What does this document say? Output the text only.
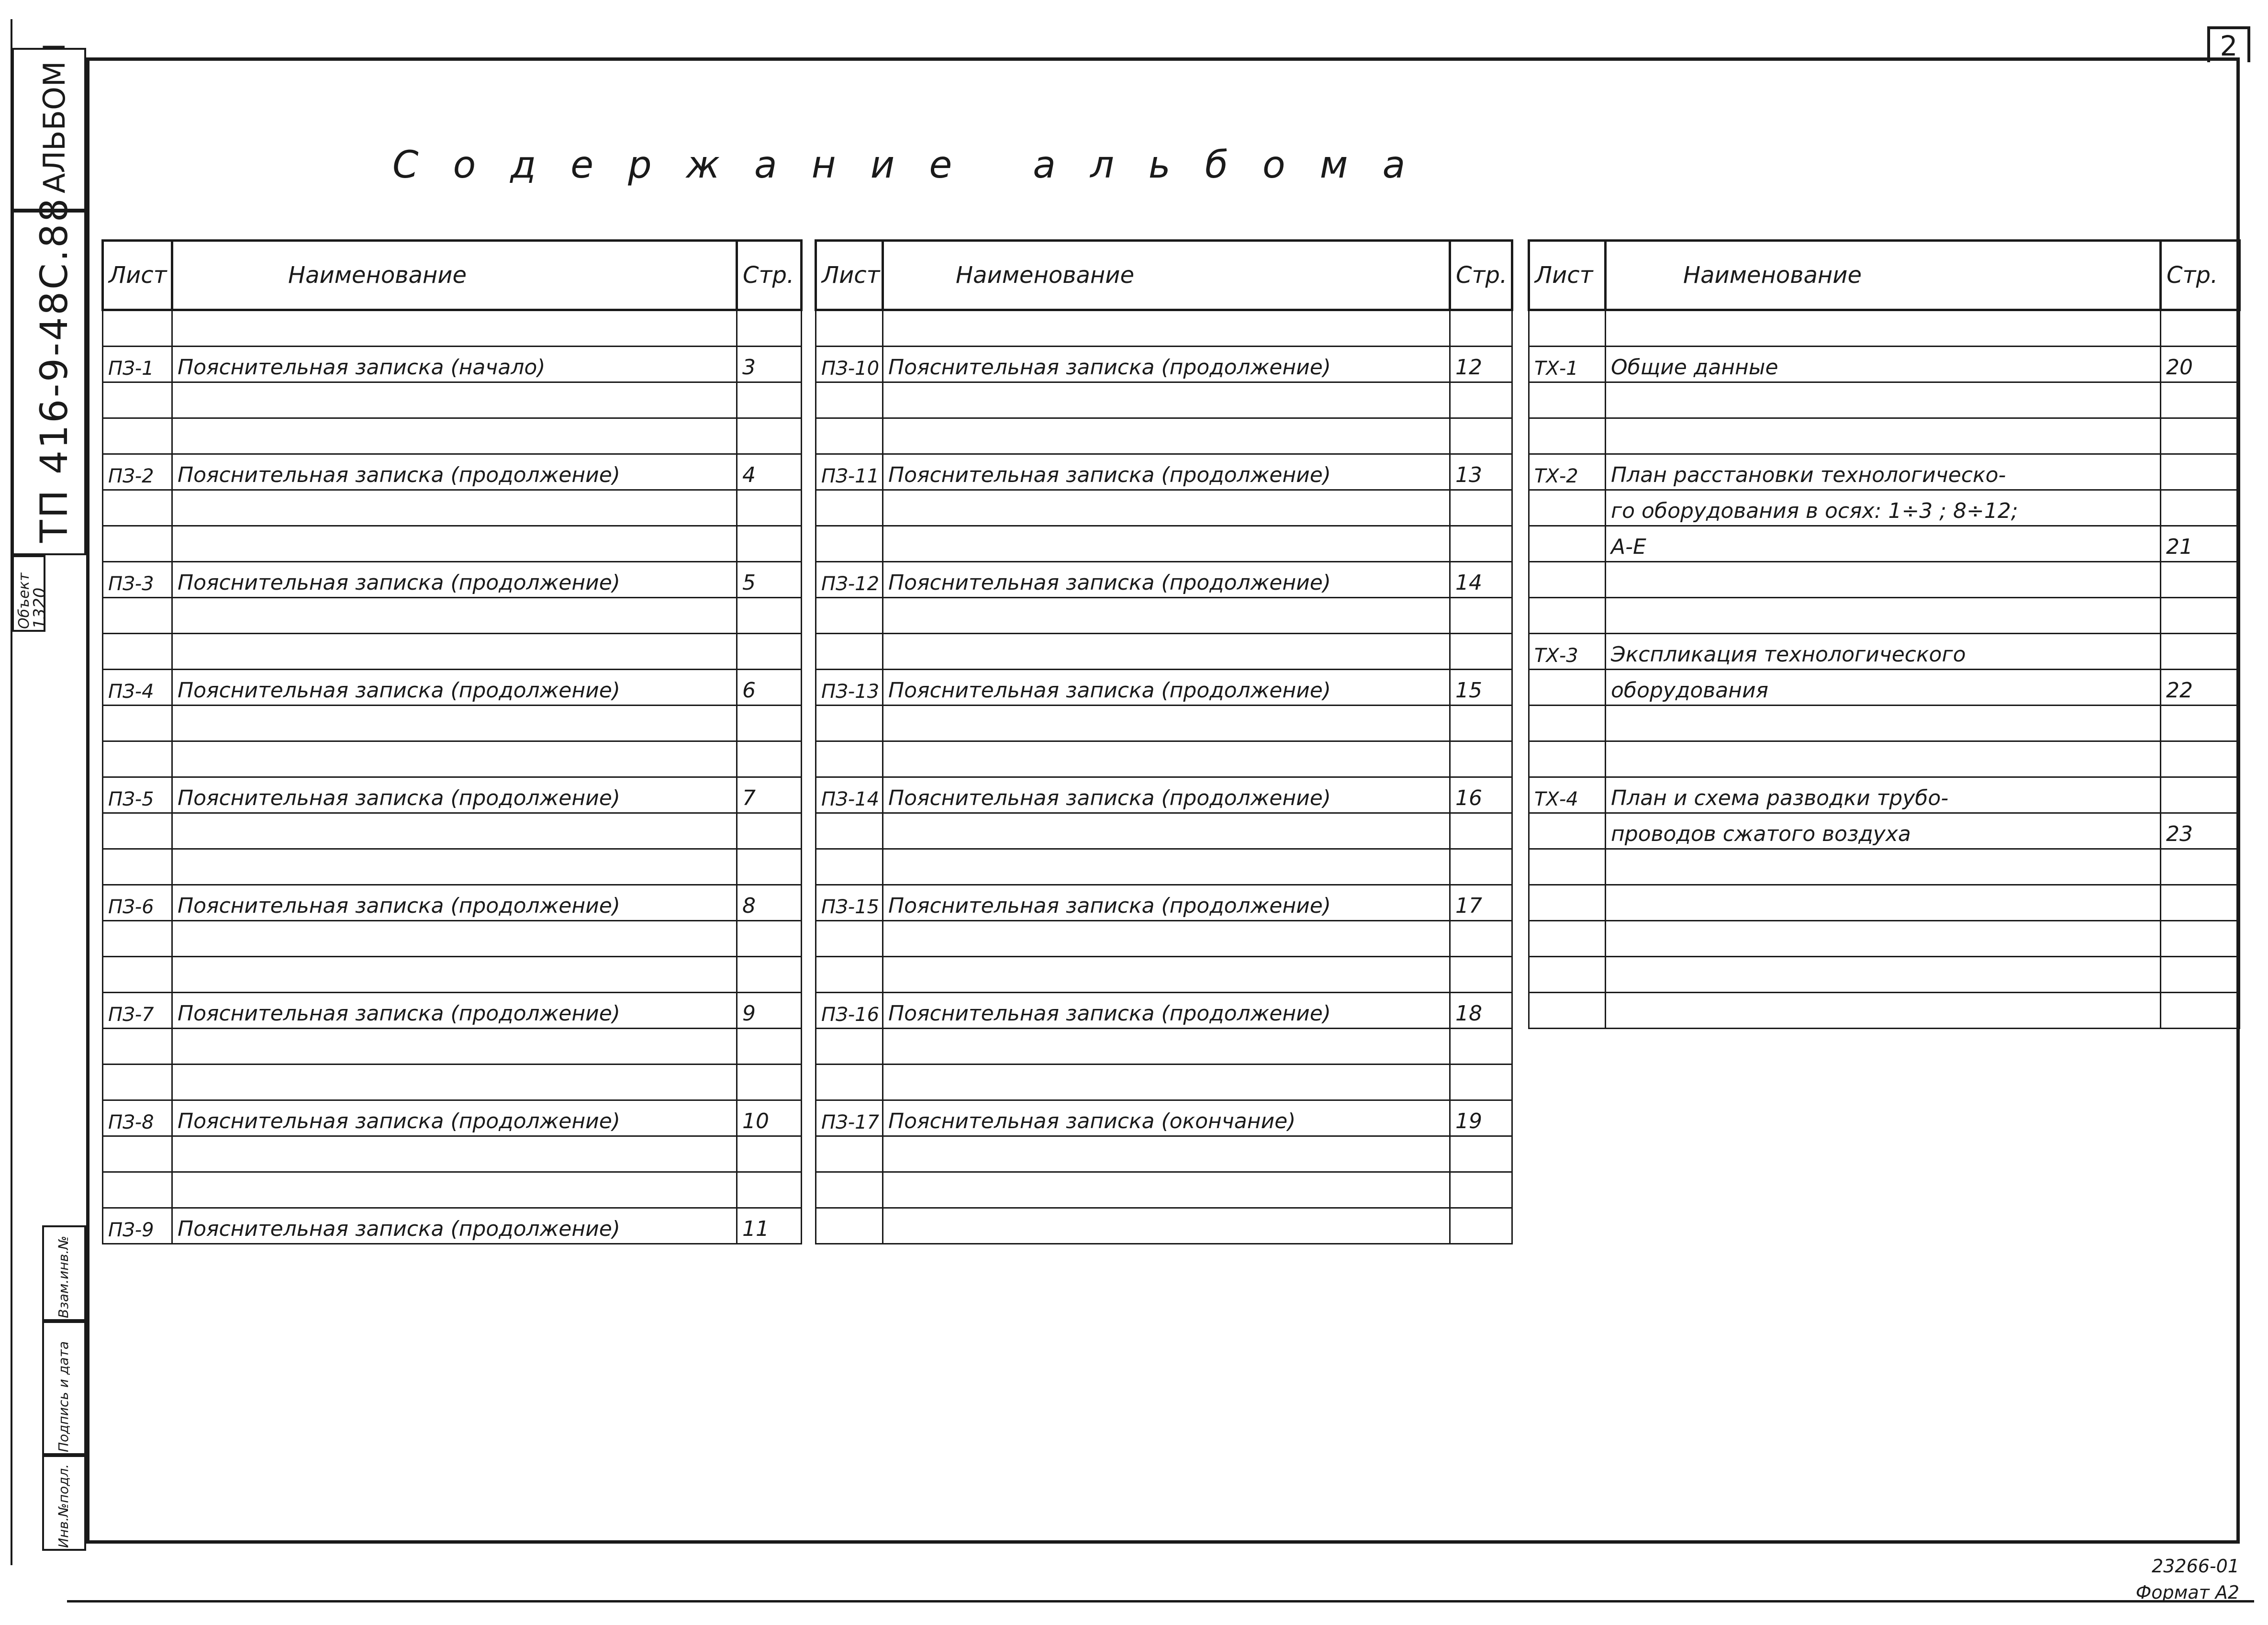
2
АЛЬБОМ I
ТП 416-9-48С.88
Объект
1320
Взам.инв.№
Подпись и дата
Инв.№подл.
Содержание альбома
Лист	Наименование	Стр.

ПЗ-1	Пояснительная записка (начало)	3

ПЗ-2	Пояснительная записка (продолжение)	4

ПЗ-3	Пояснительная записка (продолжение)	5

ПЗ-4	Пояснительная записка (продолжение)	6

ПЗ-5	Пояснительная записка (продолжение)	7

ПЗ-6	Пояснительная записка (продолжение)	8

ПЗ-7	Пояснительная записка (продолжение)	9

ПЗ-8	Пояснительная записка (продолжение)	10

ПЗ-9	Пояснительная записка (продолжение)	11
Лист	Наименование	Стр.

ПЗ-10	Пояснительная записка (продолжение)	12

ПЗ-11	Пояснительная записка (продолжение)	13

ПЗ-12	Пояснительная записка (продолжение)	14

ПЗ-13	Пояснительная записка (продолжение)	15

ПЗ-14	Пояснительная записка (продолжение)	16

ПЗ-15	Пояснительная записка (продолжение)	17

ПЗ-16	Пояснительная записка (продолжение)	18

ПЗ-17	Пояснительная записка (окончание)	19

Лист	Наименование	Стр.

ТХ-1	Общие данные	20

ТХ-2	План расстановки технологическо-	
	го оборудования в осях: 1÷3 ; 8÷12;	
	А-Е	21

ТХ-3	Экспликация технологического	
	оборудования	22

ТХ-4	План и схема разводки трубо-	
	проводов сжатого воздуха	23

23266-01
Формат А2
